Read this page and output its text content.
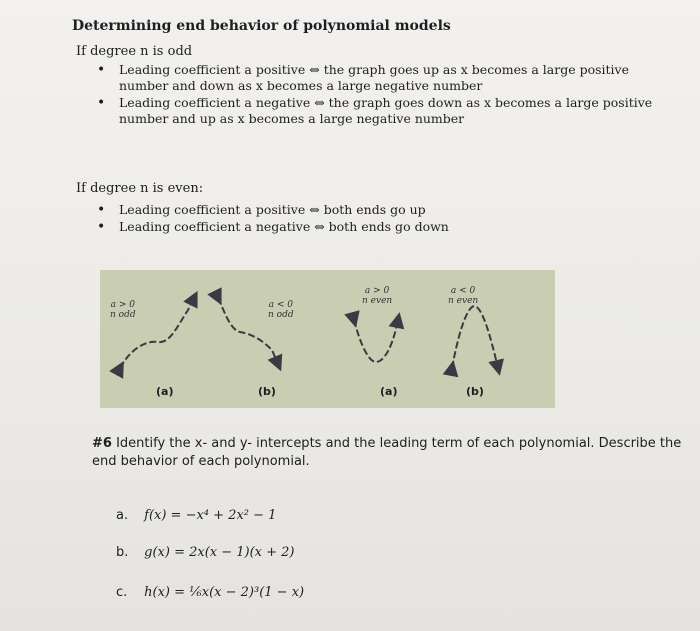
Determining end behavior of polynomial models

If degree n is odd

• Leading coefficient a positive ⇔ the graph goes up as x becomes a large positive number and down as x becomes a large negative number
• Leading coefficient a negative ⇔ the graph goes down as x becomes a large positive number and up as x becomes a large negative number

If degree n is even:

• Leading coefficient a positive ⇔ both ends go up
• Leading coefficient a negative ⇔ both ends go down
a > 0
n odd
a < 0
n odd
a > 0
n even
a < 0
n even
(a)	(b)	(a)	(b)
#6 Identify the x- and y- intercepts and the leading term of each polynomial. Describe the end behavior of each polynomial.
a. f(x) = −x⁴ + 2x² − 1
b. g(x) = 2x(x − 1)(x + 2)
c. h(x) = ⅙x(x − 2)³(1 − x)
